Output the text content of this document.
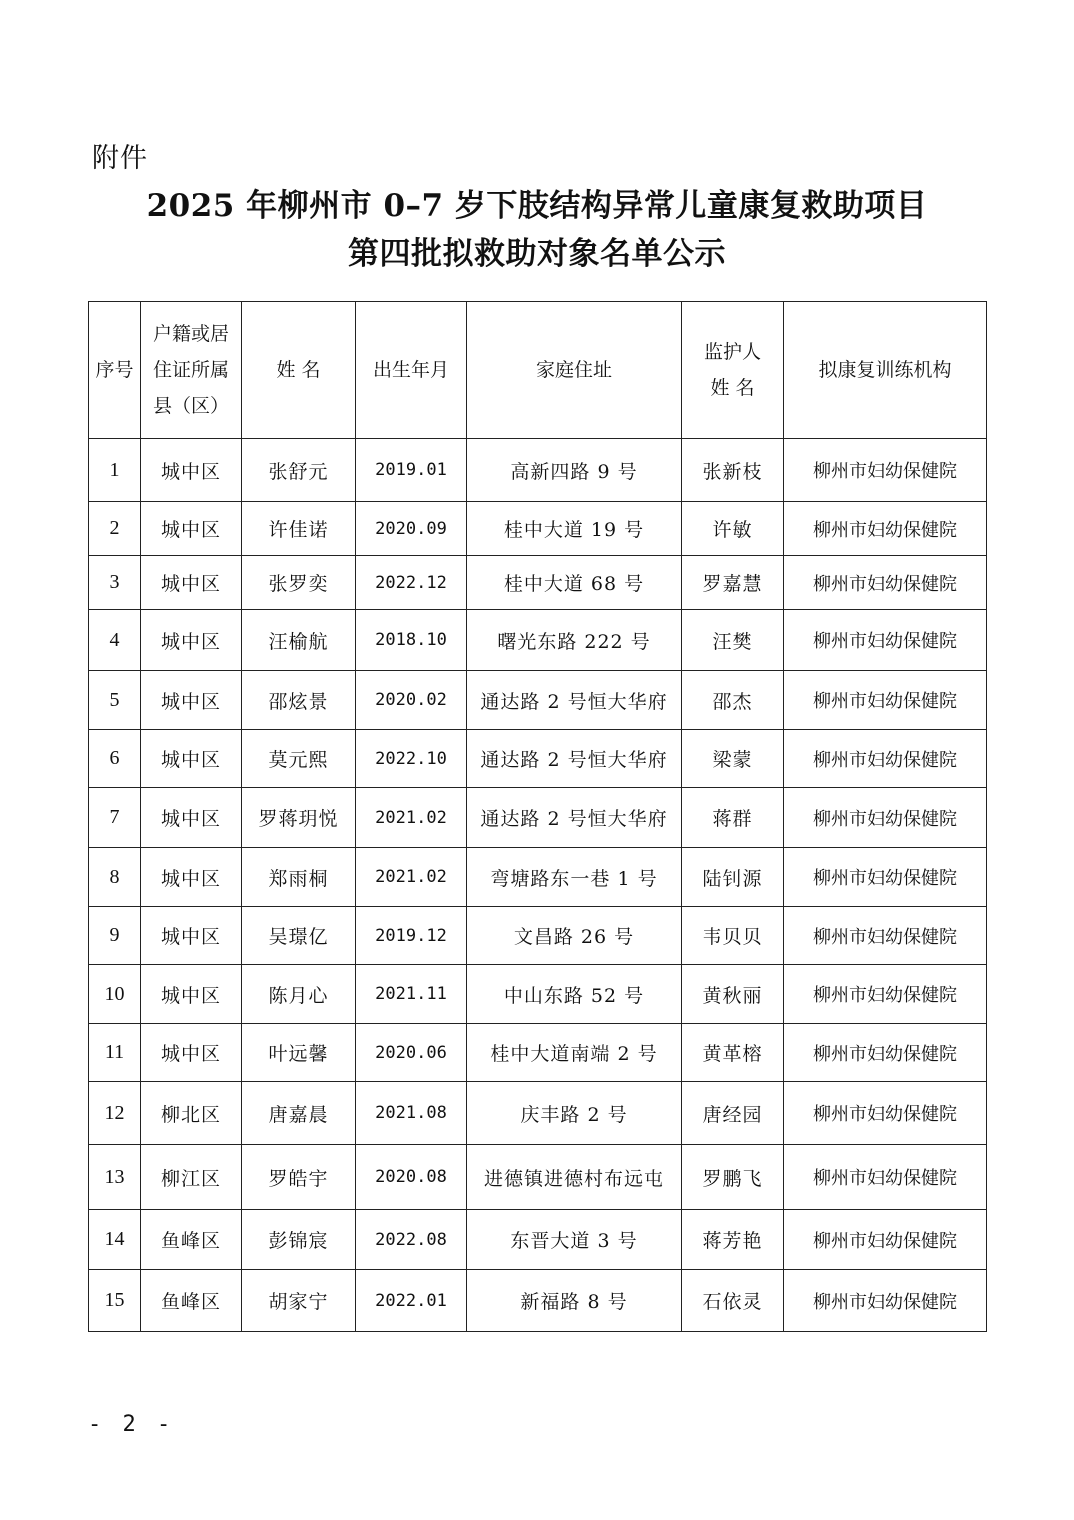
附件
2025 年柳州市 0–7 岁下肢结构异常儿童康复救助项目
第四批拟救助对象名单公示
序号	户籍或居住证所属县（区）	姓 名	出生年月	家庭住址	监护人姓 名	拟康复训练机构
1	城中区	张舒元	2019.01	高新四路 9 号	张新枝	柳州市妇幼保健院
2	城中区	许佳诺	2020.09	桂中大道 19 号	许敏	柳州市妇幼保健院
3	城中区	张罗奕	2022.12	桂中大道 68 号	罗嘉慧	柳州市妇幼保健院
4	城中区	汪榆航	2018.10	曙光东路 222 号	汪樊	柳州市妇幼保健院
5	城中区	邵炫景	2020.02	通达路 2 号恒大华府	邵杰	柳州市妇幼保健院
6	城中区	莫元熙	2022.10	通达路 2 号恒大华府	梁蒙	柳州市妇幼保健院
7	城中区	罗蒋玥悦	2021.02	通达路 2 号恒大华府	蒋群	柳州市妇幼保健院
8	城中区	郑雨桐	2021.02	弯塘路东一巷 1 号	陆钊源	柳州市妇幼保健院
9	城中区	吴璟亿	2019.12	文昌路 26 号	韦贝贝	柳州市妇幼保健院
10	城中区	陈月心	2021.11	中山东路 52 号	黄秋丽	柳州市妇幼保健院
11	城中区	叶远馨	2020.06	桂中大道南端 2 号	黄革榕	柳州市妇幼保健院
12	柳北区	唐嘉晨	2021.08	庆丰路 2 号	唐经园	柳州市妇幼保健院
13	柳江区	罗皓宇	2020.08	进德镇进德村布远屯	罗鹏飞	柳州市妇幼保健院
14	鱼峰区	彭锦宸	2022.08	东晋大道 3 号	蒋芳艳	柳州市妇幼保健院
15	鱼峰区	胡家宁	2022.01	新福路 8 号	石依灵	柳州市妇幼保健院
- 2 -
